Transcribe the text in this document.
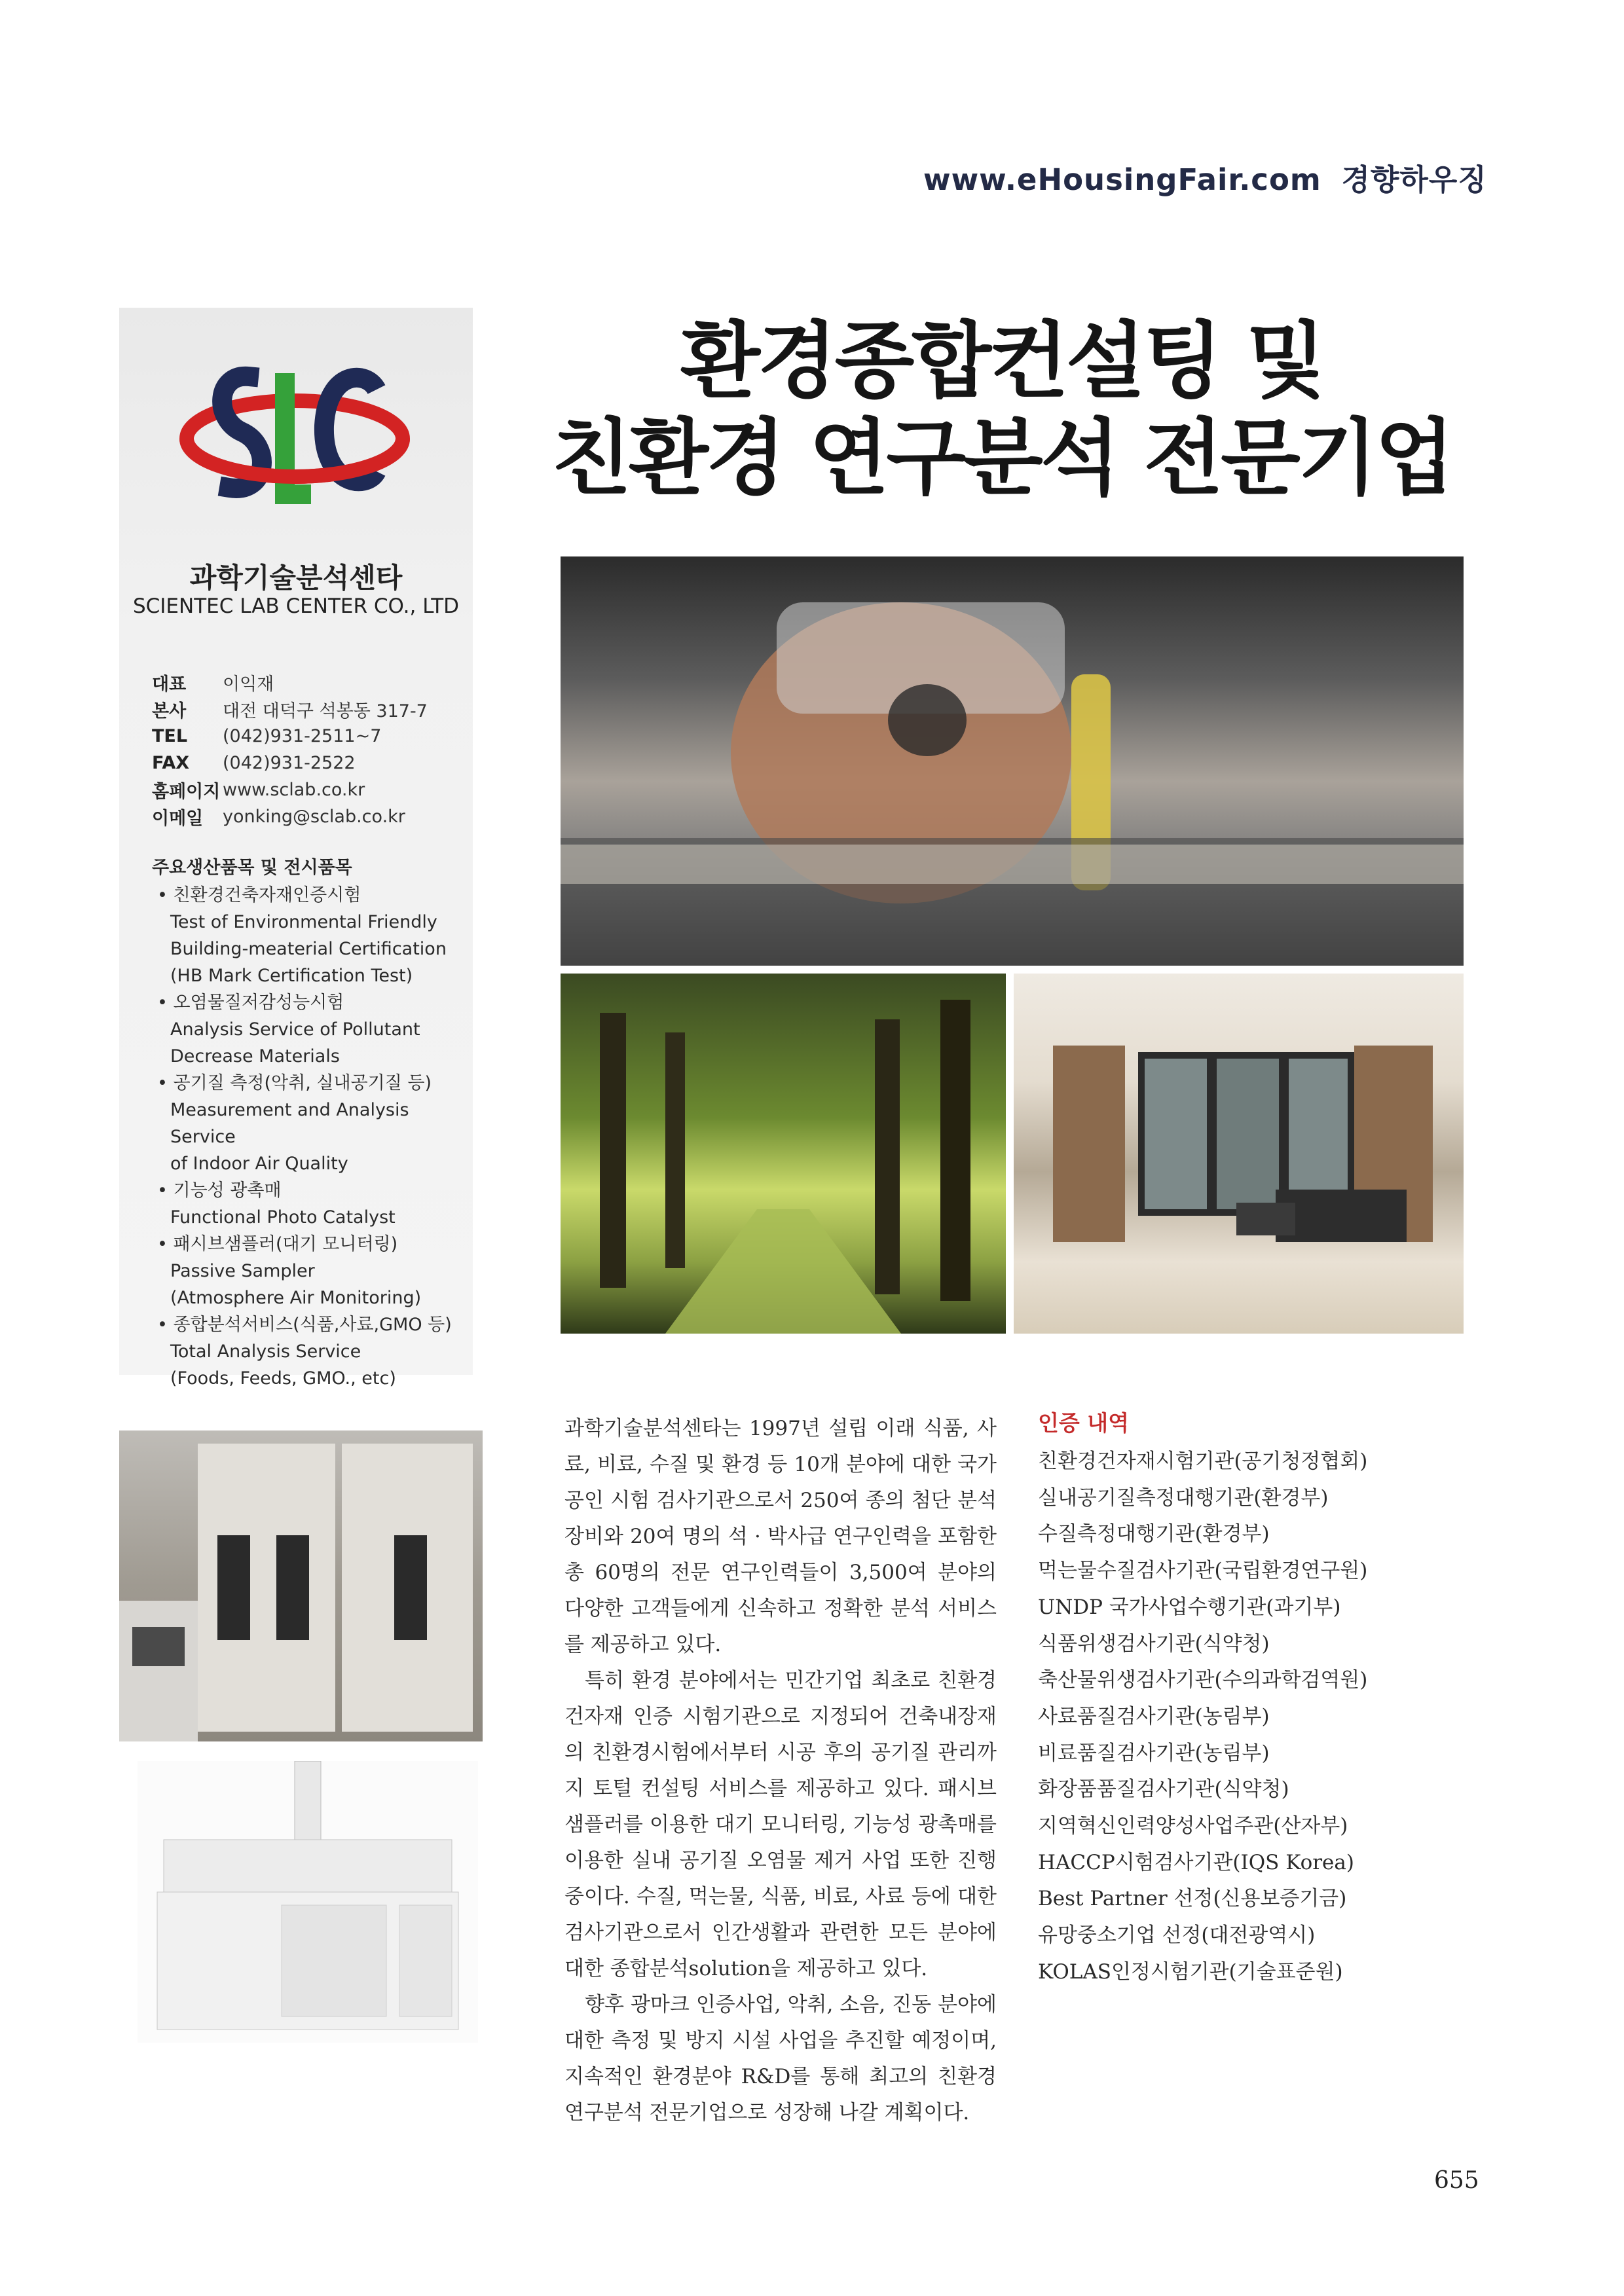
www.eHousingFair.com 경향하우징
과학기술분석센타
SCIENTEC LAB CENTER CO., LTD
대표	이익재
본사	대전 대덕구 석봉동 317-7
TEL	(042)931-2511~7
FAX	(042)931-2522
홈페이지 www.sclab.co.kr
이메일	yonking@sclab.co.kr
주요생산품목 및 전시품목
• 친환경건축자재인증시험
Test of Environmental Friendly
Building-meaterial Certification
(HB Mark Certification Test)
• 오염물질저감성능시험
Analysis Service of Pollutant
Decrease Materials
• 공기질 측정(악취, 실내공기질 등)
Measurement and Analysis Service
of Indoor Air Quality
• 기능성 광촉매
Functional Photo Catalyst
• 패시브샘플러(대기 모니터링)
Passive Sampler
(Atmosphere Air Monitoring)
• 종합분석서비스(식품,사료,GMO 등)
Total Analysis Service
(Foods, Feeds, GMO., etc)
환경종합컨설팅 및
친환경 연구분석 전문기업

과학기술분석센타는 1997년 설립 이래 식품, 사료, 비료, 수질 및 환경 등 10개 분야에 대한 국가공인 시험 검사기관으로서 250여 종의 첨단 분석장비와 20여 명의 석 · 박사급 연구인력을 포함한 총 60명의 전문 연구인력들이 3,500여 분야의 다양한 고객들에게 신속하고 정확한 분석 서비스를 제공하고 있다.

특히 환경 분야에서는 민간기업 최초로 친환경 건자재 인증 시험기관으로 지정되어 건축내장재의 친환경시험에서부터 시공 후의 공기질 관리까지 토털 컨설팅 서비스를 제공하고 있다. 패시브 샘플러를 이용한 대기 모니터링, 기능성 광촉매를 이용한 실내 공기질 오염물 제거 사업 또한 진행 중이다. 수질, 먹는물, 식품, 비료, 사료 등에 대한 검사기관으로서 인간생활과 관련한 모든 분야에 대한 종합분석solution을 제공하고 있다.

향후 광마크 인증사업, 악취, 소음, 진동 분야에 대한 측정 및 방지 시설 사업을 추진할 예정이며, 지속적인 환경분야 R&D를 통해 최고의 친환경 연구분석 전문기업으로 성장해 나갈 계획이다.

인증 내역
친환경건자재시험기관(공기청정협회)
실내공기질측정대행기관(환경부)
수질측정대행기관(환경부)
먹는물수질검사기관(국립환경연구원)
UNDP 국가사업수행기관(과기부)
식품위생검사기관(식약청)
축산물위생검사기관(수의과학검역원)
사료품질검사기관(농림부)
비료품질검사기관(농림부)
화장품품질검사기관(식약청)
지역혁신인력양성사업주관(산자부)
HACCP시험검사기관(IQS Korea)
Best Partner 선정(신용보증기금)
유망중소기업 선정(대전광역시)
KOLAS인정시험기관(기술표준원)
655
